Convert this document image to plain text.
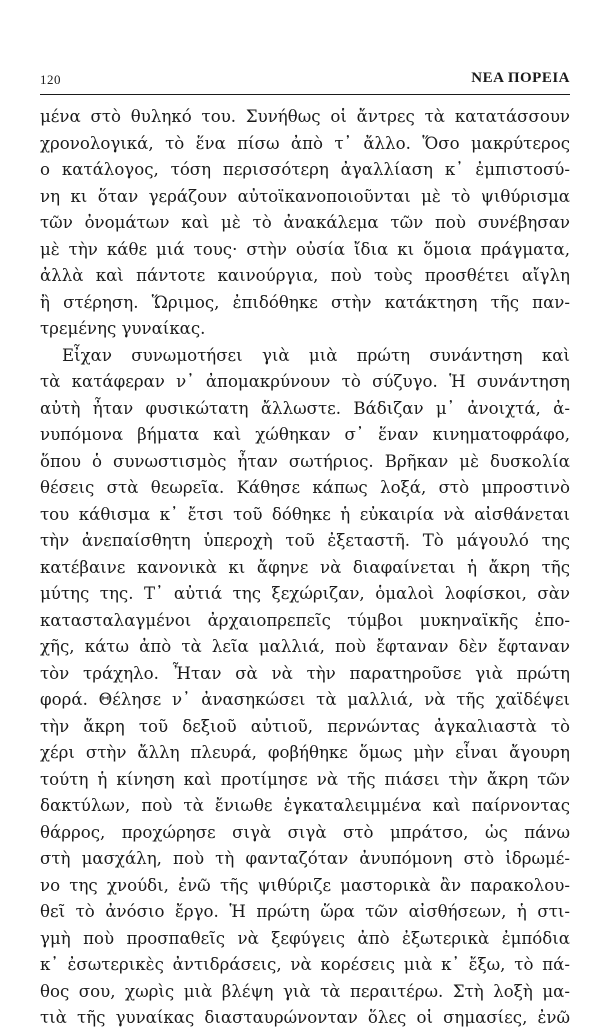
120	ΝΕΑ ΠΟΡΕΙΑ
μένα στὸ θυληκό του. Συνήθως οἱ ἄντρες τὰ κατατάσσουν
χρονολογικά, τὸ ἕνα πίσω ἀπὸ τ᾽ ἄλλο. Ὅσο μακρύτερος
ο κατάλογος, τόση περισσότερη ἀγαλλίαση κ᾽ ἐμπιστοσύ-
νη κι ὅταν γεράζουν αὐτοϊκανοποιοῦνται μὲ τὸ ψιθύρισμα
τῶν ὀνομάτων καὶ μὲ τὸ ἀνακάλεμα τῶν ποὺ συνέβησαν
μὲ τὴν κάθε μιά τους· στὴν οὐσία ἴδια κι ὅμοια πράγματα,
ἀλλὰ καὶ πάντοτε καινούργια, ποὺ τοὺς προσθέτει αἴγλη
ἢ στέρηση. Ὥριμος, ἐπιδόθηκε στὴν κατάκτηση τῆς παν-
τρεμένης γυναίκας.
Εἶχαν συνωμοτήσει γιὰ μιὰ πρώτη συνάντηση καὶ
τὰ κατάφεραν ν᾽ ἀπομακρύνουν τὸ σύζυγο. Ἡ συνάντηση
αὐτὴ ἦταν φυσικώτατη ἄλλωστε. Βάδιζαν μ᾽ ἀνοιχτά, ἀ-
νυπόμονα βήματα καὶ χώθηκαν σ᾽ ἕναν κινηματοφράφο,
ὅπου ὁ συνωστισμὸς ἦταν σωτήριος. Βρῆκαν μὲ δυσκολία
θέσεις στὰ θεωρεῖα. Κάθησε κάπως λοξά, στὸ μπροστινὸ
του κάθισμα κ᾽ ἔτσι τοῦ δόθηκε ἡ εὐκαιρία νὰ αἰσθάνεται
τὴν ἀνεπαίσθητη ὑπεροχὴ τοῦ ἐξεταστῆ. Τὸ μάγουλό της
κατέβαινε κανονικὰ κι ἄφηνε νὰ διαφαίνεται ἡ ἄκρη τῆς
μύτης της. Τ᾽ αὐτιά της ξεχώριζαν, ὁμαλοὶ λοφίσκοι, σὰν
κατασταλαγμένοι ἀρχαιοπρεπεῖς τύμβοι μυκηναϊκῆς ἐπο-
χῆς, κάτω ἀπὸ τὰ λεῖα μαλλιά, ποὺ ἔφταναν δὲν ἔφταναν
τὸν τράχηλο. Ἦταν σὰ νὰ τὴν παρατηροῦσε γιὰ πρώτη
φορά. Θέλησε ν᾽ ἀνασηκώσει τὰ μαλλιά, νὰ τῆς χαϊδέψει
τὴν ἄκρη τοῦ δεξιοῦ αὐτιοῦ, περνώντας ἀγκαλιαστὰ τὸ
χέρι στὴν ἄλλη πλευρά, φοβήθηκε ὅμως μὴν εἶναι ἄγουρη
τούτη ἡ κίνηση καὶ προτίμησε νὰ τῆς πιάσει τὴν ἄκρη τῶν
δακτύλων, ποὺ τὰ ἔνιωθε ἐγκαταλειμμένα καὶ παίρνοντας
θάρρος, προχώρησε σιγὰ σιγὰ στὸ μπράτσο, ὡς πάνω
στὴ μασχάλη, ποὺ τὴ φανταζόταν ἀνυπόμονη στὸ ἱδρωμέ-
νο της χνούδι, ἐνῶ τῆς ψιθύριζε μαστορικὰ ἂν παρακολου-
θεῖ τὸ ἀνόσιο ἔργο. Ἡ πρώτη ὥρα τῶν αἰσθήσεων, ἡ στι-
γμὴ ποὺ προσπαθεῖς νὰ ξεφύγεις ἀπὸ ἐξωτερικὰ ἐμπόδια
κ᾽ ἐσωτερικὲς ἀντιδράσεις, νὰ κορέσεις μιὰ κ᾽ ἔξω, τὸ πά-
θος σου, χωρὶς μιὰ βλέψη γιὰ τὰ περαιτέρω. Στὴ λοξὴ μα-
τιὰ τῆς γυναίκας διασταυρώνονταν ὅλες οἱ σημασίες, ἐνῶ
